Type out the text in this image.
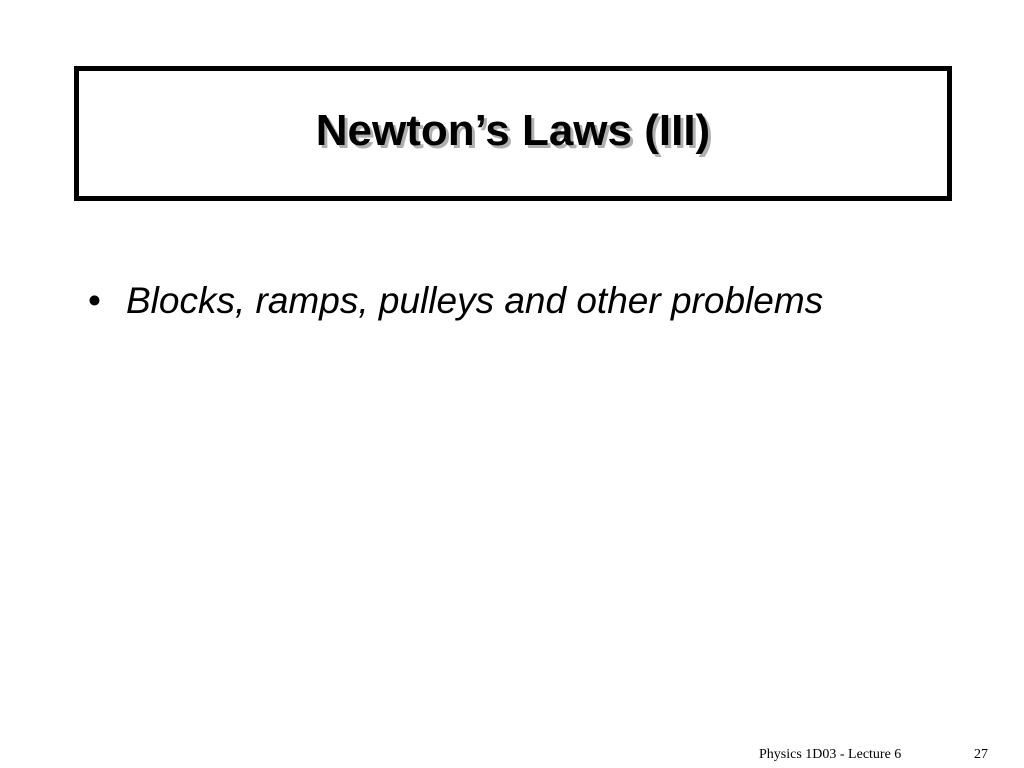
Newton’s Laws (III)
• Blocks, ramps, pulleys and other problems
Physics 1D03 - Lecture 6	27
